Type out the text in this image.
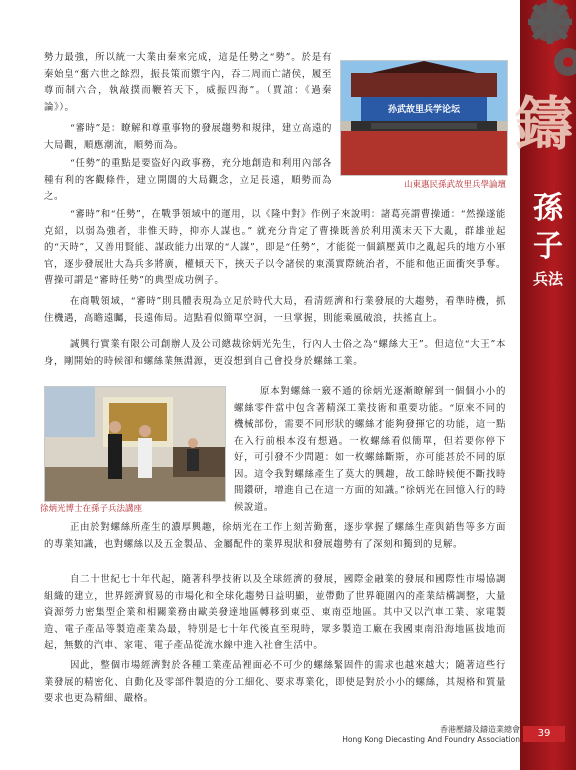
鑄
孫子
兵法
孙武故里兵学论坛
山東惠民孫武故里兵學論壇
徐炳光博士在孫子兵法講座

勢力最強，所以統一大業由秦來完成，這是任勢之“勢”。於是有秦始皇“奮六世之餘烈，振長策而禦宇內，吞二周而亡諸侯，履至尊而制六合，執敲撲而鞭笞天下，威振四海”。（賈誼：《過秦論》）。

“審時”是：瞭解和尊重事物的發展趨勢和規律，建立高遠的大局觀，順應潮流，順勢而為。

“任勢”的重點是要盜好內政事務，充分地創造和利用內部各種有利的客觀條件，建立開闊的大局觀念，立足長遠，順勢而為之。

“審時”和“任勢”，在戰爭領域中的運用，以《隆中對》作例子來說明：諸葛亮謂曹操通：“然操遂能克紹，以弱為強者，非惟天時，抑亦人謀也。” 就充分肯定了曹操既善於利用漢末天下大亂，群雄並起的“天時”，又善用賢能、謀政能力出眾的“人謀”，即是“任勢”，才能從一個鎮壓黃巾之亂起兵的地方小軍官，逐步發展壯大為兵多將廣，權傾天下，挾天子以令諸侯的東漢實際統治者，不能和他正面衝突爭奪。曹操可謂是“審時任勢”的典型成功例子。

在商戰領域，“審時”則具體表現為立足於時代大局，看清經濟和行業發展的大趨勢，看準時機，抓住機遇，高瞻遠矚，長遠佈局。這點看似簡單空洞，一旦掌握，則能乘風破浪，扶搖直上。

誠興行實業有限公司創辦人及公司總裁徐炳光先生，行內人士俗之為“螺絲大王”。但這位“大王”本身，剛開始的時候卻和螺絲業無淵源，更沒想到自己會投身於螺絲工業。

原本對螺絲一竅不通的徐炳光逐漸瞭解到一個個小小的螺絲零件當中包含著精深工業技術和重要功能。“原來不同的機械部份，需要不同形狀的螺絲才能夠發揮它的功能，這一點在入行前根本沒有想過。一枚螺絲看似簡單，但若要你停下好，可引發不少問題：如一枚螺絲斷斯，亦可能甚於不同的原因。這令我對螺絲產生了莫大的興趣，故工餘時候便不斷找時間鑽研，增進自己在這一方面的知識。”徐炳光在回憶入行的時候說道。

正由於對螺絲所產生的濃厚興趣，徐炳光在工作上刻苦勤奮，逐步掌握了螺絲生產與銷售等多方面的專業知識，也對螺絲以及五金製品、金屬配件的業界現狀和發展趨勢有了深刻和獨到的見解。

自二十世紀七十年代起，隨著科學技術以及全球經濟的發展，國際金融業的發展和國際性市場協調組織的建立，世界經濟貿易的市場化和全球化趨勢日益明顯，並帶動了世界範圍內的產業結構調整，大量資源勞力密集型企業和相關業務由歐美發達地區轉移到東亞、東南亞地區。其中又以汽車工業、家電製造、電子產品等製造產業為最，特別是七十年代後直至現時，眾多製造工廠在我國東南沿海地區拔地而起，無數的汽車、家電、電子產品從流水線中進入社會生活中。

因此，整個市場經濟對於各種工業產品裡面必不可少的螺絲緊固件的需求也越來越大；隨著這些行業發展的精密化、自動化及零部件製造的分工細化、要求專業化，即使是對於小小的螺絲，其規格和質量要求也更為精細、嚴格。

香港壓鑄及鑄造業總會
Hong Kong Diecasting And Foundry Association
39
